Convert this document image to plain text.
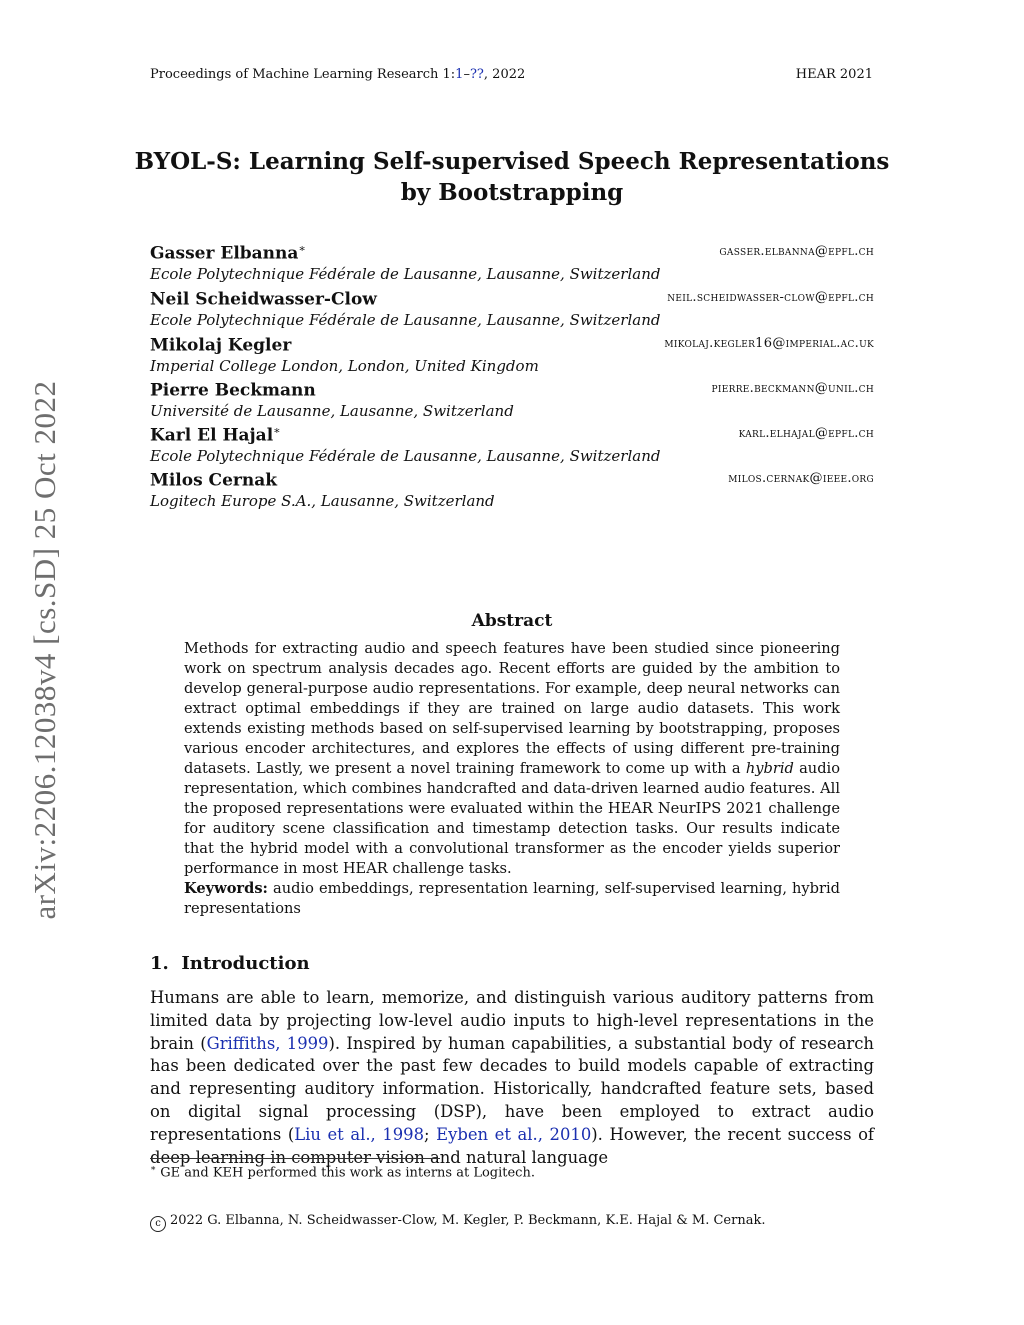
Proceedings of Machine Learning Research 1:1–??, 2022	HEAR 2021
arXiv:2206.12038v4 [cs.SD] 25 Oct 2022
BYOL-S: Learning Self-supervised Speech Representations
by Bootstrapping
Gasser Elbanna∗	gasser.elbanna@epfl.ch
Ecole Polytechnique Fédérale de Lausanne, Lausanne, Switzerland
Neil Scheidwasser-Clow	neil.scheidwasser-clow@epfl.ch
Ecole Polytechnique Fédérale de Lausanne, Lausanne, Switzerland
Mikolaj Kegler	mikolaj.kegler16@imperial.ac.uk
Imperial College London, London, United Kingdom
Pierre Beckmann	pierre.beckmann@unil.ch
Université de Lausanne, Lausanne, Switzerland
Karl El Hajal∗	karl.elhajal@epfl.ch
Ecole Polytechnique Fédérale de Lausanne, Lausanne, Switzerland
Milos Cernak	milos.cernak@ieee.org
Logitech Europe S.A., Lausanne, Switzerland
Abstract
Methods for extracting audio and speech features have been studied since pioneering work on spectrum analysis decades ago. Recent efforts are guided by the ambition to develop general-purpose audio representations. For example, deep neural networks can extract optimal embeddings if they are trained on large audio datasets. This work extends existing methods based on self-supervised learning by bootstrapping, proposes various encoder architectures, and explores the effects of using different pre-training datasets. Lastly, we present a novel training framework to come up with a hybrid audio representation, which combines handcrafted and data-driven learned audio features. All the proposed representations were evaluated within the HEAR NeurIPS 2021 challenge for auditory scene classification and timestamp detection tasks. Our results indicate that the hybrid model with a convolutional transformer as the encoder yields superior performance in most HEAR challenge tasks.
Keywords: audio embeddings, representation learning, self-supervised learning, hybrid representations
1. Introduction
Humans are able to learn, memorize, and distinguish various auditory patterns from limited data by projecting low-level audio inputs to high-level representations in the brain (Griffiths, 1999). Inspired by human capabilities, a substantial body of research has been dedicated over the past few decades to build models capable of extracting and representing auditory information. Historically, handcrafted feature sets, based on digital signal processing (DSP), have been employed to extract audio representations (Liu et al., 1998; Eyben et al., 2010). However, the recent success of deep learning in computer vision and natural language
∗ GE and KEH performed this work as interns at Logitech.
c 2022 G. Elbanna, N. Scheidwasser-Clow, M. Kegler, P. Beckmann, K.E. Hajal & M. Cernak.
